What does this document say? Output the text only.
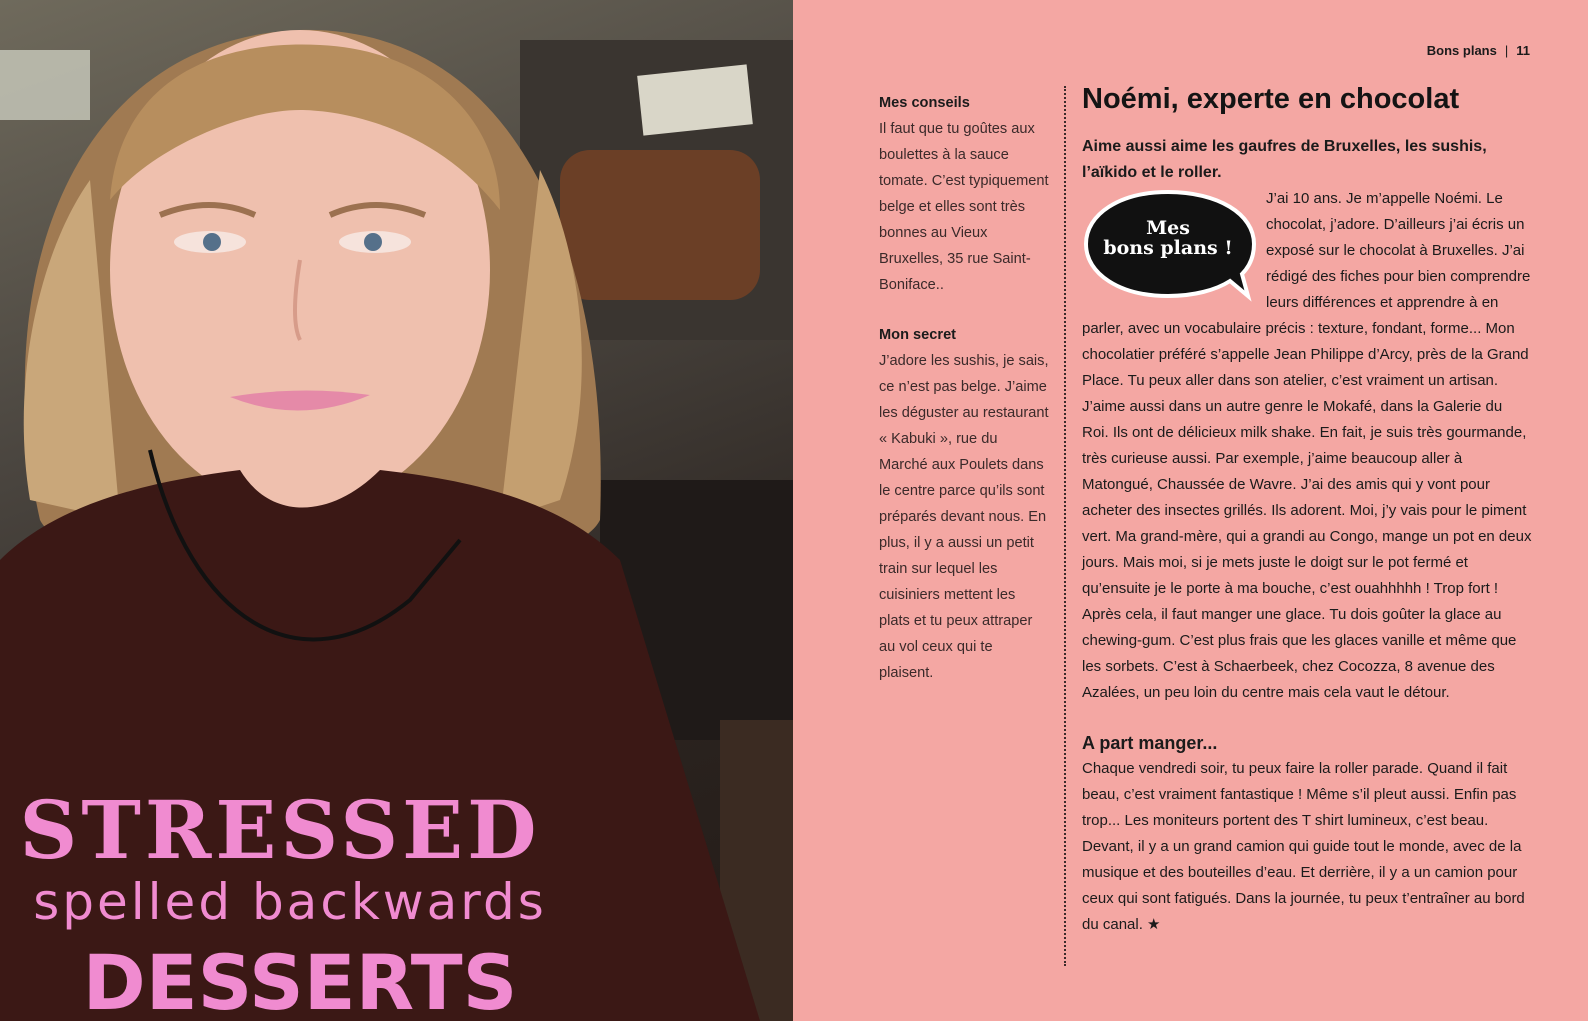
STRESSED

spelled backwards

DESSERTS

Bons plans | 11
Mes conseils

Il faut que tu goûtes aux boulettes à la sauce tomate. C’est typiquement belge et elles sont très bonnes au Vieux Bruxelles, 35 rue Saint-Boniface..

Mon secret

J’adore les sushis, je sais, ce n’est pas belge. J’aime les déguster au restaurant « Kabuki », rue du Marché aux Poulets dans le centre parce qu’ils sont préparés devant nous. En plus, il y a aussi un petit train sur lequel les cuisiniers mettent les plats et tu peux attraper au vol ceux qui te plaisent.

Noémi, experte en chocolat

Aime aussi aime les gaufres de Bruxelles, les sushis, l’aïkido et le roller.

Mes
bons plans !

J’ai 10 ans. Je m’appelle Noémi. Le chocolat, j’adore. D’ailleurs j’ai écris un exposé sur le chocolat à Bruxelles. J’ai rédigé des fiches pour bien comprendre leurs différences et apprendre à en parler, avec un vocabulaire précis : texture, fondant, forme... Mon chocolatier préféré s’appelle Jean Philippe d’Arcy, près de la Grand Place. Tu peux aller dans son atelier, c’est vraiment un artisan. J’aime aussi dans un autre genre le Mokafé, dans la Galerie du Roi. Ils ont de délicieux milk shake. En fait, je suis très gourmande, très curieuse aussi. Par exemple, j’aime beaucoup aller à Matongué, Chaussée de Wavre. J’ai des amis qui y vont pour acheter des insectes grillés. Ils adorent. Moi, j’y vais pour le piment vert. Ma grand-mère, qui a grandi au Congo, mange un pot en deux jours. Mais moi, si je mets juste le doigt sur le pot fermé et qu’ensuite je le porte à ma bouche, c’est ouahhhhh ! Trop fort ! Après cela, il faut manger une glace. Tu dois goûter la glace au chewing-gum. C’est plus frais que les glaces vanille et même que les sorbets. C’est à Schaerbeek, chez Cocozza, 8 avenue des Azalées, un peu loin du centre mais cela vaut le détour.

A part manger...

Chaque vendredi soir, tu peux faire la roller parade. Quand il fait beau, c’est vraiment fantastique ! Même s’il pleut aussi. Enfin pas trop... Les moniteurs portent des T shirt lumineux, c’est beau. Devant, il y a un grand camion qui guide tout le monde, avec de la musique et des bouteilles d’eau. Et derrière, il y a un camion pour ceux qui sont fatigués. Dans la journée, tu peux t’entraîner au bord du canal. ★
